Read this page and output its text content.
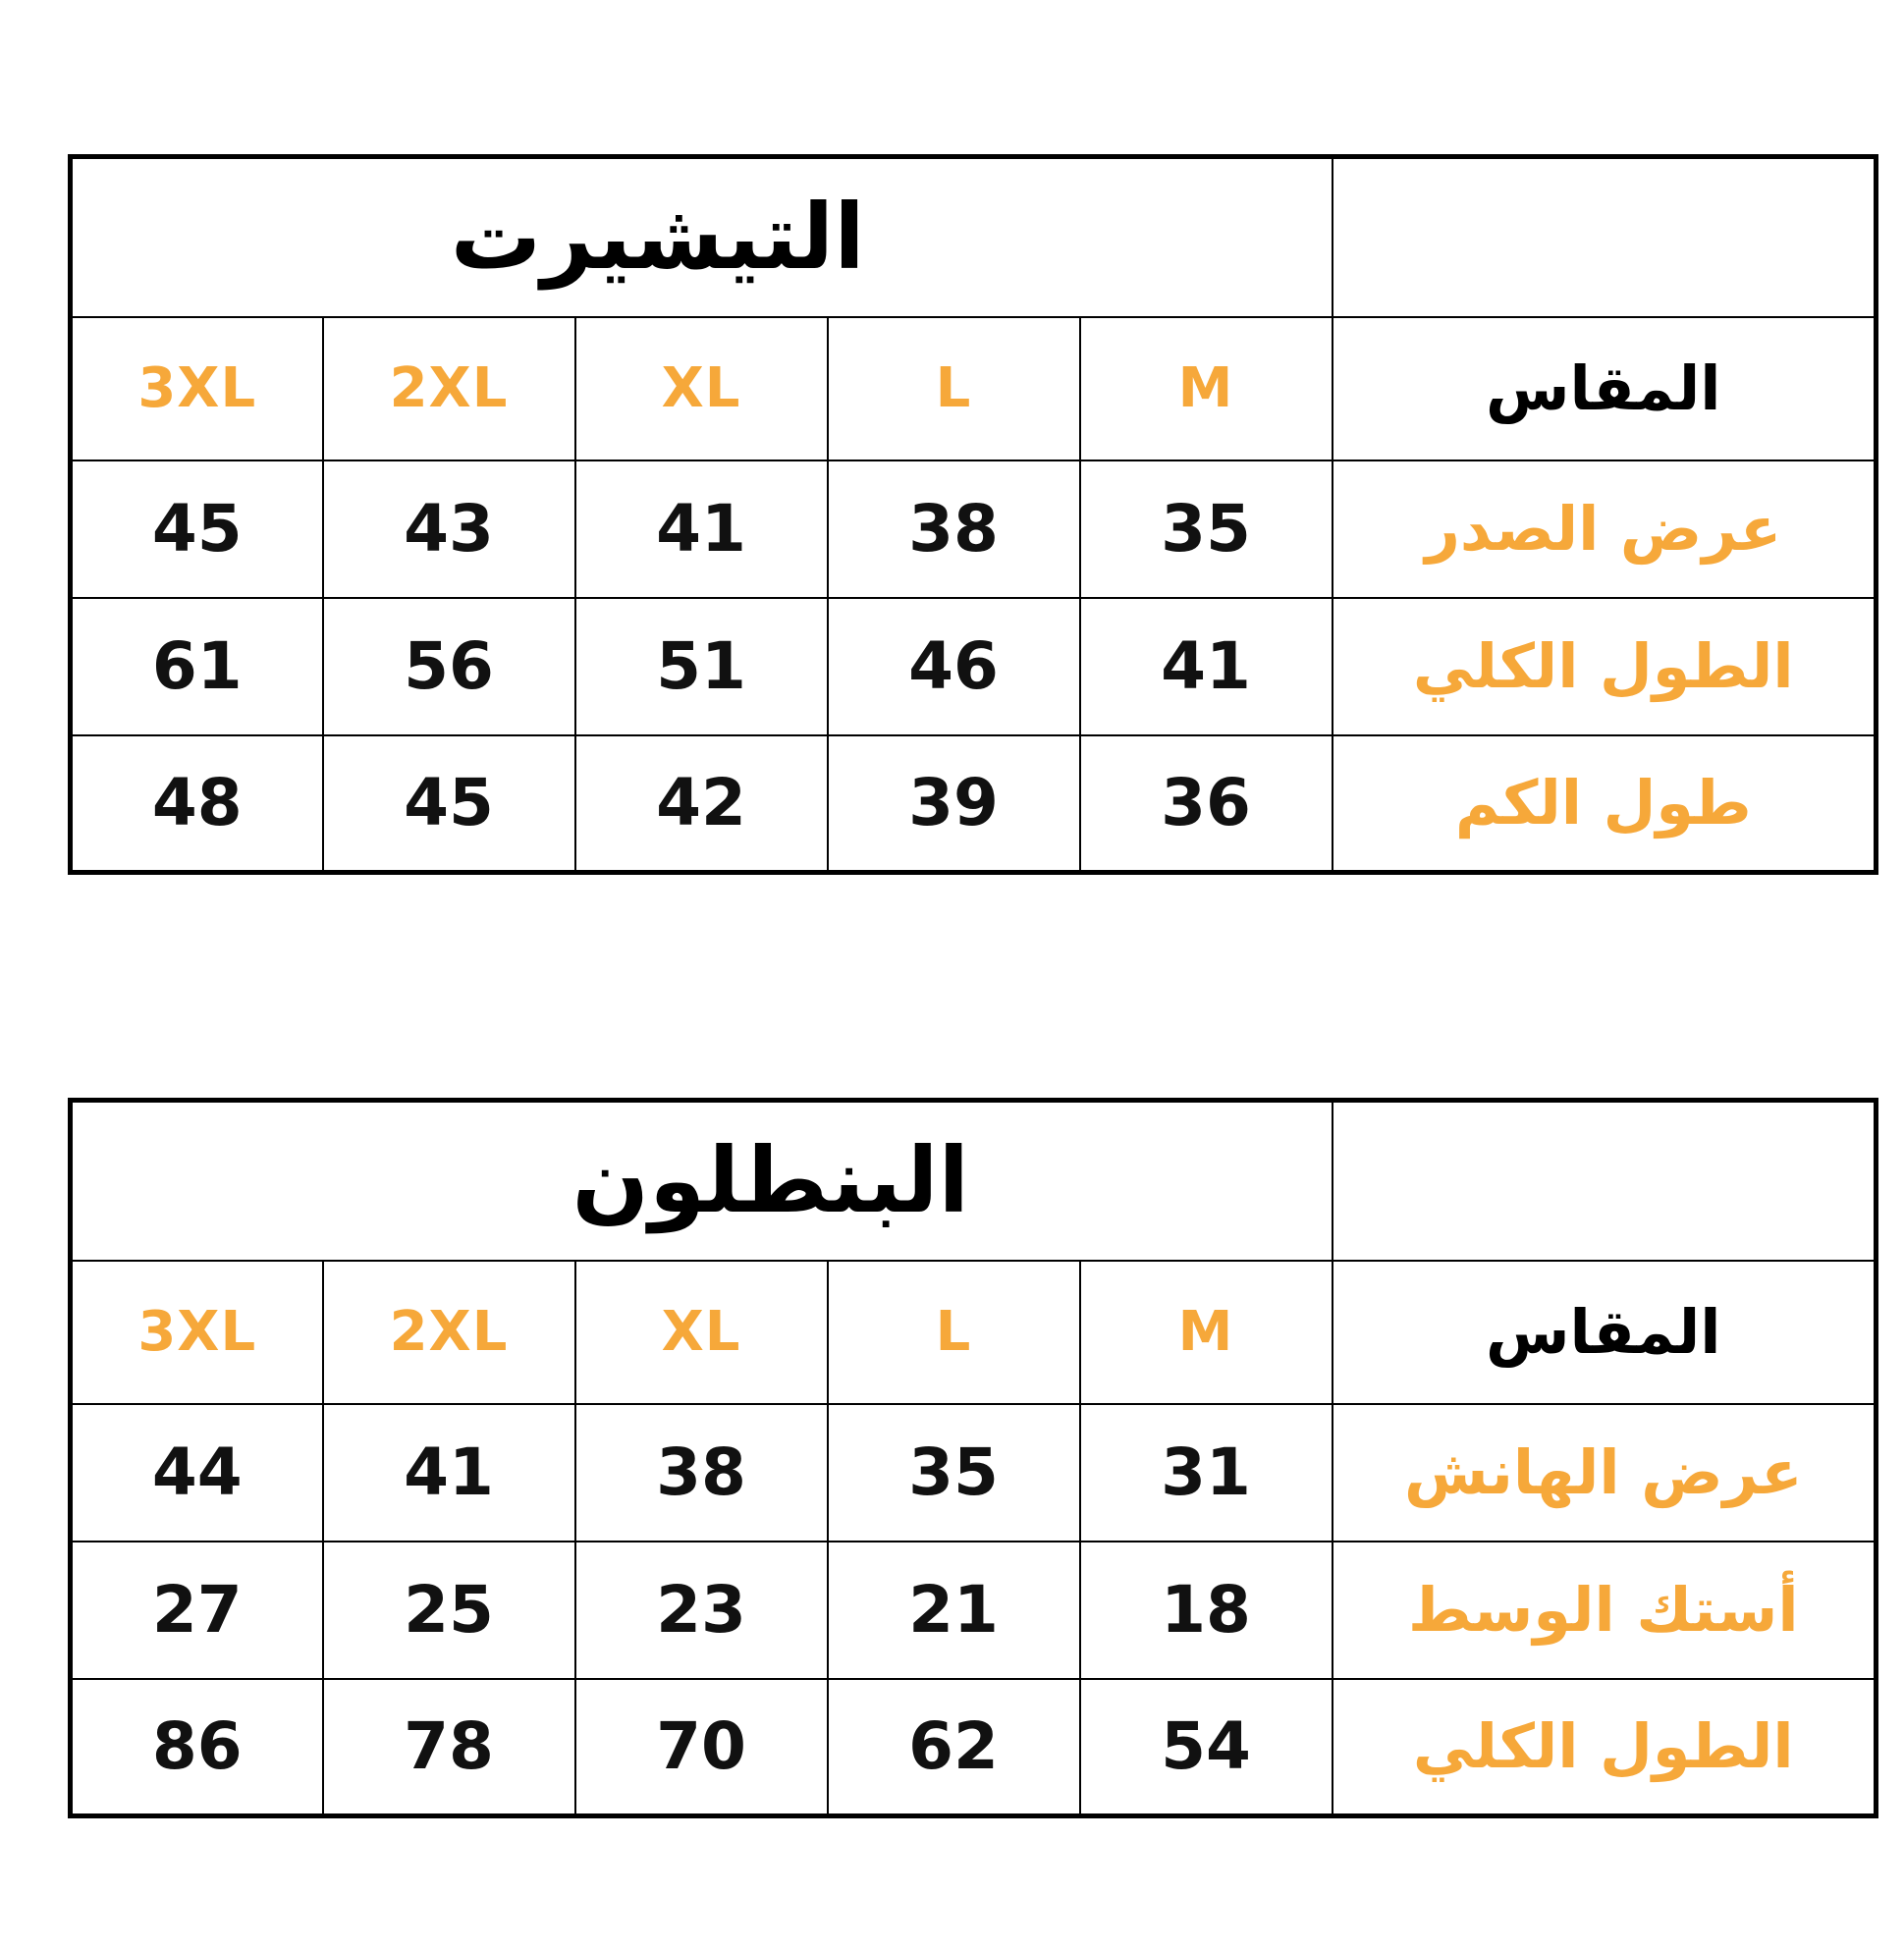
التيشيرت					
3XL	2XL	XL	L	M	المقاس
45	43	41	38	35	عرض الصدر
61	56	51	46	41	الطول الكلي
48	45	42	39	36	طول الكم
البنطلون					
3XL	2XL	XL	L	M	المقاس
44	41	38	35	31	عرض الهانش
27	25	23	21	18	أستك الوسط
86	78	70	62	54	الطول الكلي
